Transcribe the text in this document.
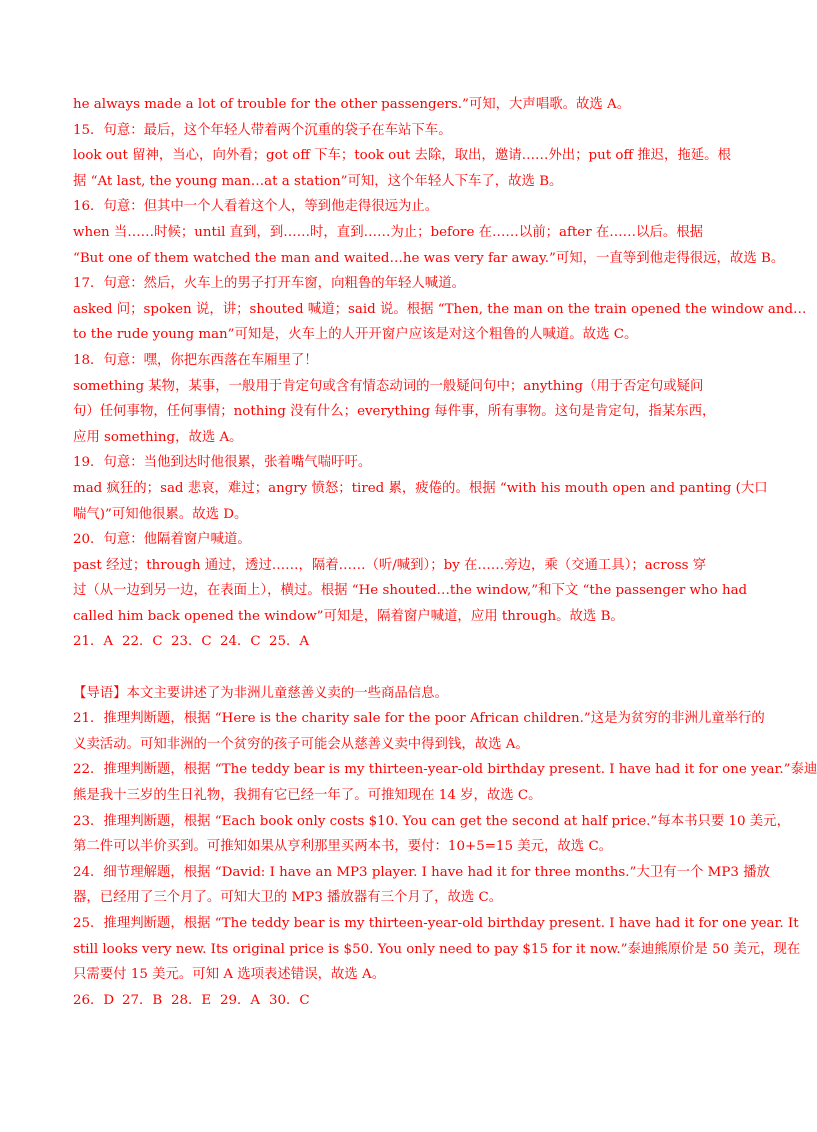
he always made a lot of trouble for the other passengers.”可知，大声唱歌。故选 A。
15．句意：最后，这个年轻人带着两个沉重的袋子在车站下车。
look out 留神，当心，向外看；got off 下车；took out 去除，取出，邀请……外出；put off 推迟，拖延。根
据 “At last, the young man…at a station”可知，这个年轻人下车了，故选 B。
16．句意：但其中一个人看着这个人，等到他走得很远为止。
when 当……时候；until 直到，到……时，直到……为止；before 在……以前；after 在……以后。根据
“But one of them watched the man and waited…he was very far away.”可知，一直等到他走得很远，故选 B。
17．句意：然后，火车上的男子打开车窗，向粗鲁的年轻人喊道。
asked 问；spoken 说，讲；shouted 喊道；said 说。根据 “Then, the man on the train opened the window and…
to the rude young man”可知是，火车上的人开开窗户应该是对这个粗鲁的人喊道。故选 C。
18．句意：嘿，你把东西落在车厢里了！
something 某物，某事，一般用于肯定句或含有情态动词的一般疑问句中；anything（用于否定句或疑问
句）任何事物，任何事情；nothing 没有什么；everything 每件事，所有事物。这句是肯定句，指某东西，
应用 something，故选 A。
19．句意：当他到达时他很累，张着嘴气喘吁吁。
mad 疯狂的；sad 悲哀，难过；angry 愤怒；tired 累，疲倦的。根据 “with his mouth open and panting (大口
喘气)”可知他很累。故选 D。
20．句意：他隔着窗户喊道。
past 经过；through 通过，透过……，隔着……（听/喊到）；by 在……旁边，乘（交通工具）；across 穿
过（从一边到另一边，在表面上），横过。根据 “He shouted…the window,”和下文 “the passenger who had
called him back opened the window”可知是，隔着窗户喊道，应用 through。故选 B。
21．A 22．C 23．C 24．C 25．A
【导语】本文主要讲述了为非洲儿童慈善义卖的一些商品信息。
21．推理判断题，根据 “Here is the charity sale for the poor African children.”这是为贫穷的非洲儿童举行的
义卖活动。可知非洲的一个贫穷的孩子可能会从慈善义卖中得到钱，故选 A。
22．推理判断题，根据 “The teddy bear is my thirteen-year-old birthday present. I have had it for one year.”泰迪
熊是我十三岁的生日礼物，我拥有它已经一年了。可推知现在 14 岁，故选 C。
23．推理判断题，根据 “Each book only costs $10. You can get the second at half price.”每本书只要 10 美元，
第二件可以半价买到。可推知如果从亨利那里买两本书，要付：10+5=15 美元，故选 C。
24．细节理解题，根据 “David: I have an MP3 player. I have had it for three months.”大卫有一个 MP3 播放
器，已经用了三个月了。可知大卫的 MP3 播放器有三个月了，故选 C。
25．推理判断题，根据 “The teddy bear is my thirteen-year-old birthday present. I have had it for one year. It
still looks very new. Its original price is $50. You only need to pay $15 for it now.”泰迪熊原价是 50 美元，现在
只需要付 15 美元。可知 A 选项表述错误，故选 A。
26．D 27．B 28．E 29．A 30．C
